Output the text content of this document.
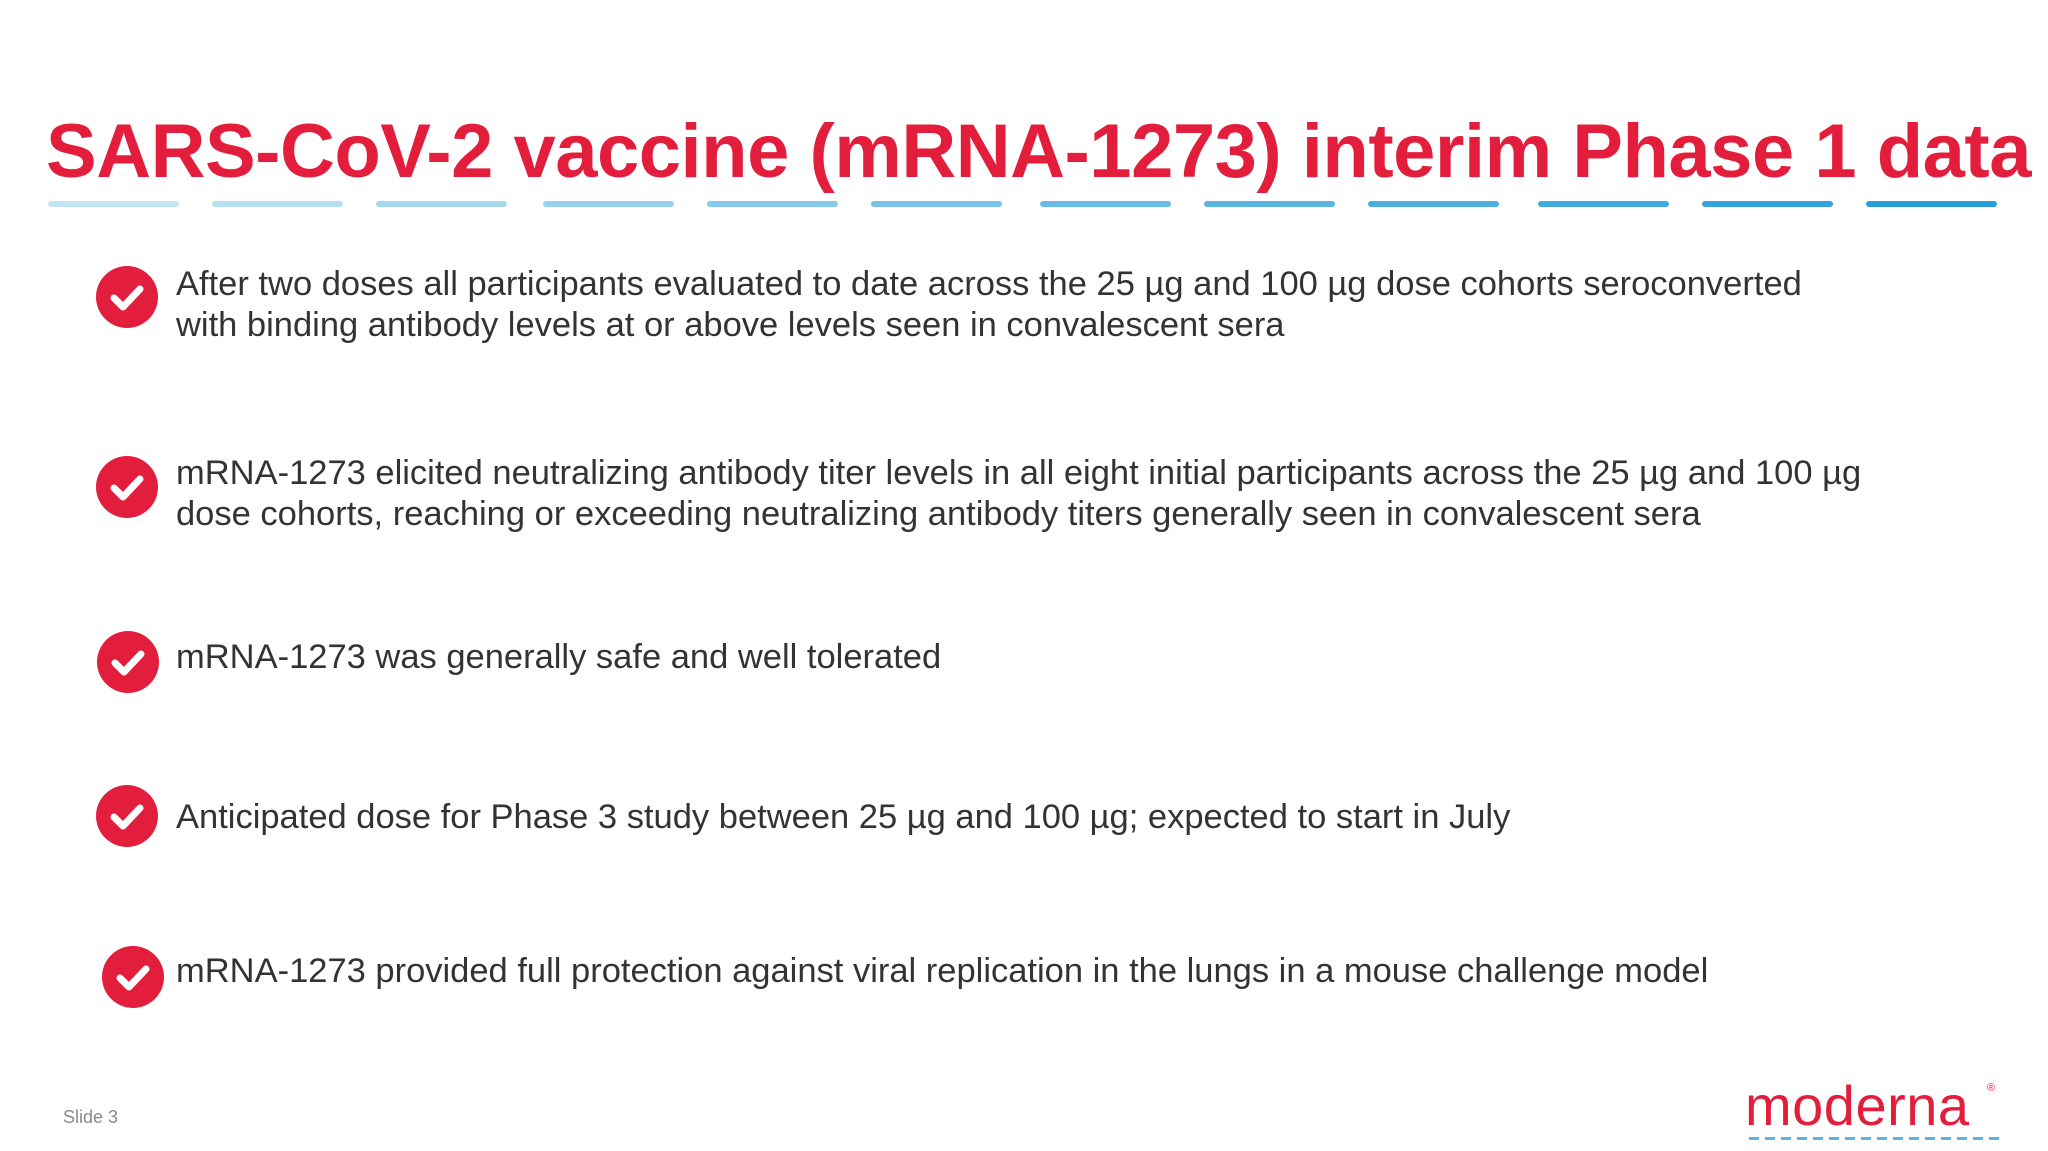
SARS-CoV-2 vaccine (mRNA-1273) interim Phase 1 data

After two doses all participants evaluated to date across the 25 µg and 100 µg dose cohorts seroconverted
with binding antibody levels at or above levels seen in convalescent sera

mRNA-1273 elicited neutralizing antibody titer levels in all eight initial participants across the 25 µg and 100 µg
dose cohorts, reaching or exceeding neutralizing antibody titers generally seen in convalescent sera

mRNA-1273 was generally safe and well tolerated

Anticipated dose for Phase 3 study between 25 µg and 100 µg; expected to start in July

mRNA-1273 provided full protection against viral replication in the lungs in a mouse challenge model

Slide 3	moderna ®
